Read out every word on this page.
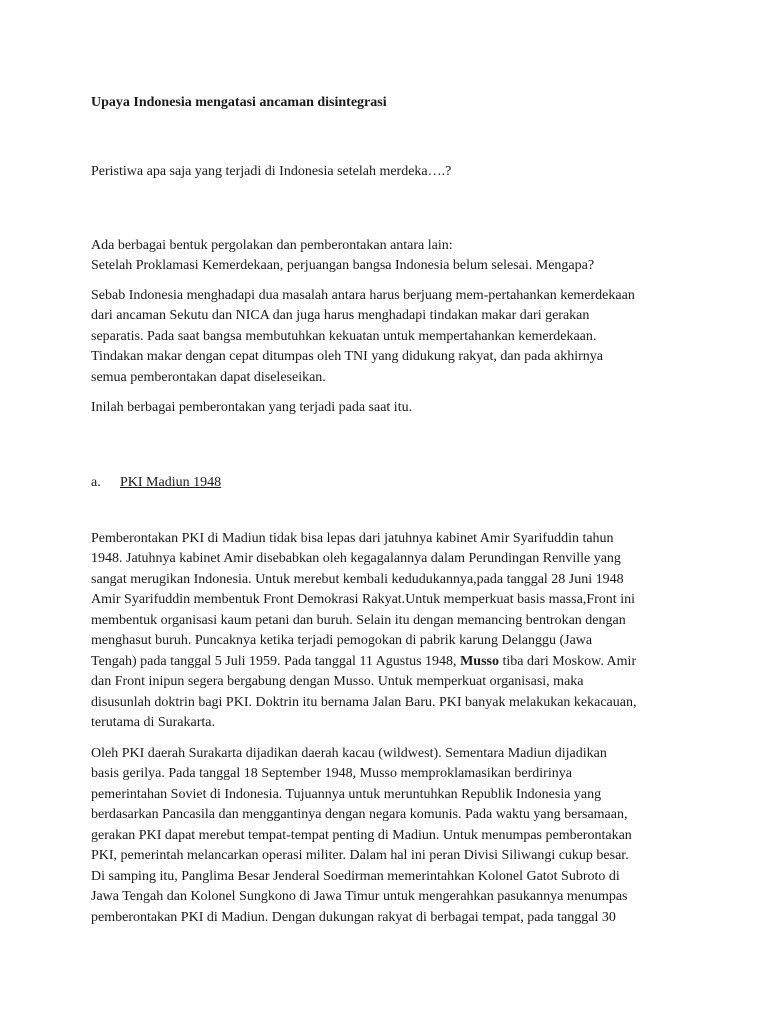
Upaya Indonesia mengatasi ancaman disintegrasi

Peristiwa apa saja yang terjadi di Indonesia setelah merdeka….?

Ada berbagai bentuk pergolakan dan pemberontakan antara lain:
Setelah Proklamasi Kemerdekaan, perjuangan bangsa Indonesia belum selesai. Mengapa?

Sebab Indonesia menghadapi dua masalah antara harus berjuang mem-pertahankan kemerdekaan
dari ancaman Sekutu dan NICA dan juga harus menghadapi tindakan makar dari gerakan
separatis. Pada saat bangsa membutuhkan kekuatan untuk mempertahankan kemerdekaan.
Tindakan makar dengan cepat ditumpas oleh TNI yang didukung rakyat, dan pada akhirnya
semua pemberontakan dapat diseleseikan.

Inilah berbagai pemberontakan yang terjadi pada saat itu.

a. PKI Madiun 1948

Pemberontakan PKI di Madiun tidak bisa lepas dari jatuhnya kabinet Amir Syarifuddin tahun
1948. Jatuhnya kabinet Amir disebabkan oleh kegagalannya dalam Perundingan Renville yang
sangat merugikan Indonesia. Untuk merebut kembali kedudukannya,pada tanggal 28 Juni 1948
Amir Syarifuddin membentuk Front Demokrasi Rakyat.Untuk memperkuat basis massa,Front ini
membentuk organisasi kaum petani dan buruh. Selain itu dengan memancing bentrokan dengan
menghasut buruh. Puncaknya ketika terjadi pemogokan di pabrik karung Delanggu (Jawa
Tengah) pada tanggal 5 Juli 1959. Pada tanggal 11 Agustus 1948, Musso tiba dari Moskow. Amir
dan Front inipun segera bergabung dengan Musso. Untuk memperkuat organisasi, maka
disusunlah doktrin bagi PKI. Doktrin itu bernama Jalan Baru. PKI banyak melakukan kekacauan,
terutama di Surakarta.

Oleh PKI daerah Surakarta dijadikan daerah kacau (wildwest). Sementara Madiun dijadikan
basis gerilya. Pada tanggal 18 September 1948, Musso memproklamasikan berdirinya
pemerintahan Soviet di Indonesia. Tujuannya untuk meruntuhkan Republik Indonesia yang
berdasarkan Pancasila dan menggantinya dengan negara komunis. Pada waktu yang bersamaan,
gerakan PKI dapat merebut tempat-tempat penting di Madiun. Untuk menumpas pemberontakan
PKI, pemerintah melancarkan operasi militer. Dalam hal ini peran Divisi Siliwangi cukup besar.
Di samping itu, Panglima Besar Jenderal Soedirman memerintahkan Kolonel Gatot Subroto di
Jawa Tengah dan Kolonel Sungkono di Jawa Timur untuk mengerahkan pasukannya menumpas
pemberontakan PKI di Madiun. Dengan dukungan rakyat di berbagai tempat, pada tanggal 30
